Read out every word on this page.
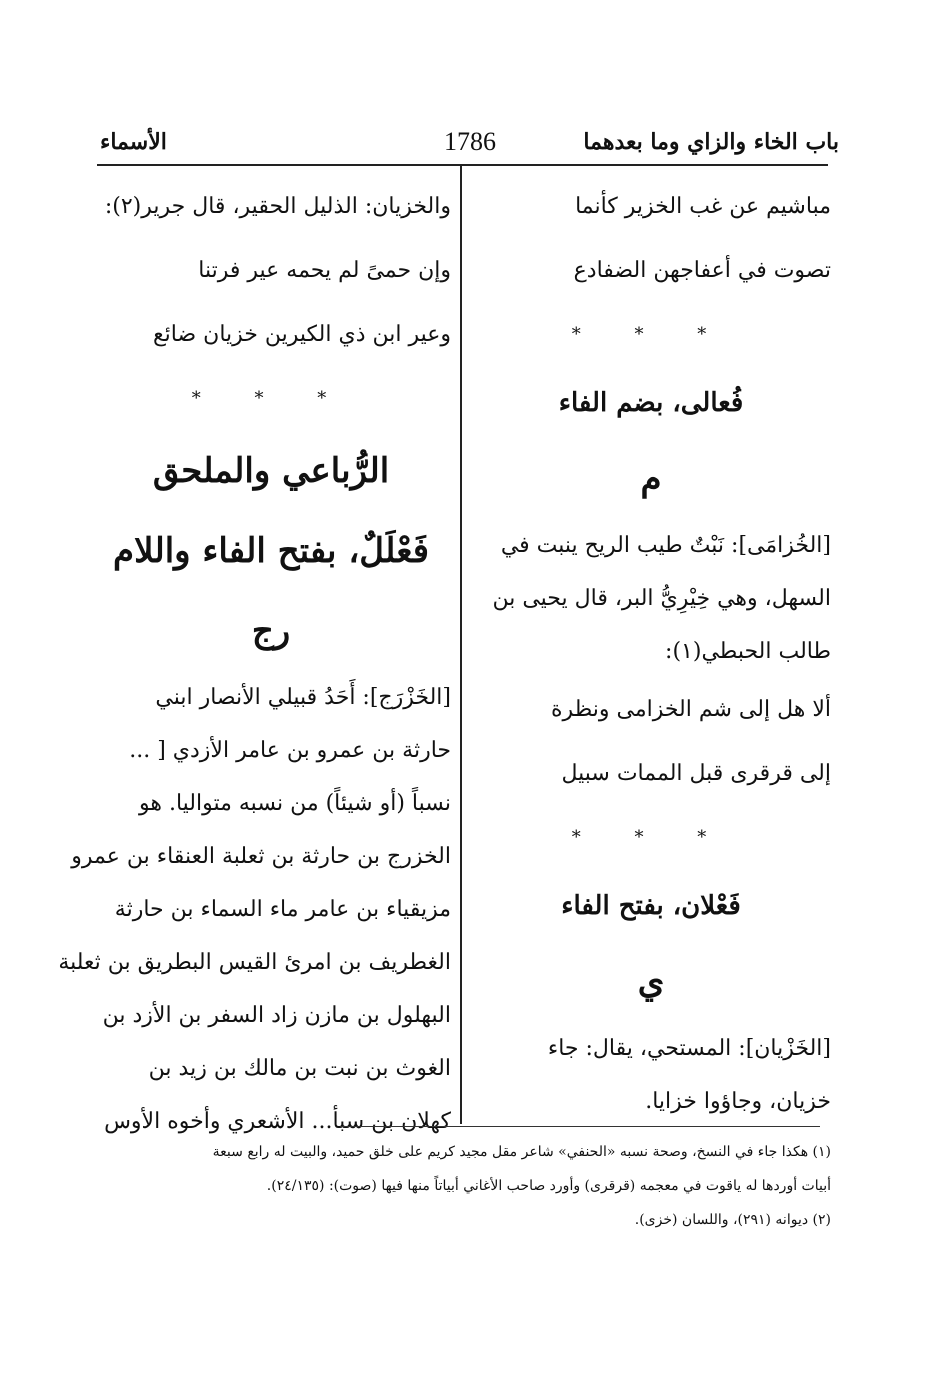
باب الخاء والزاي وما بعدهما
1786
الأسماء
مباشيم عن غب الخزير كأنما
تصوت في أعفاجهن الضفادع
* * *
فُعالى، بضم الفاء
م
[الخُزامَى]: نَبْتٌ طيب الريح ينبت في
السهل، وهي خِيْرِيُّ البر، قال يحيى بن
طالب الحبطي(١):
ألا هل إلى شم الخزامى ونظرة
إلى قرقرى قبل الممات سبيل
* * *
فَعْلان، بفتح الفاء
ي
[الخَزْيان]: المستحي، يقال: جاء
خزيان، وجاؤوا خزايا.
والخزيان: الذليل الحقير، قال جرير(٢):
وإن حمىً لم يحمه عير فرتنا
وعير ابن ذي الكيرين خزيان ضائع
* * *
الرُّباعي والملحق
فَعْلَلٌ، بفتح الفاء واللام
رج
[الخَزْرَج]: أَحَدُ قبيلي الأنصار ابني
حارثة بن عمرو بن عامر الأزدي [ ...
نسباً (أو شيئاً) من نسبه متواليا. هو
الخزرج بن حارثة بن ثعلبة العنقاء بن عمرو
مزيقياء بن عامر ماء السماء بن حارثة
الغطريف بن امرئ القيس البطريق بن ثعلبة
البهلول بن مازن زاد السفر بن الأزد بن
الغوث بن نبت بن مالك بن زيد بن
كهلان بن سبأ... الأشعري وأخوه الأوس
(١) هكذا جاء في النسخ، وصحة نسبه «الحنفي» شاعر مقل مجيد كريم على خلق حميد، والبيت له رابع سبعة
أبيات أوردها له ياقوت في معجمه (قرقرى) وأورد صاحب الأغاني أبياتاً منها فيها (صوت): (٢٤/١٣٥).
(٢) ديوانه (٢٩١)، واللسان (خزى).
